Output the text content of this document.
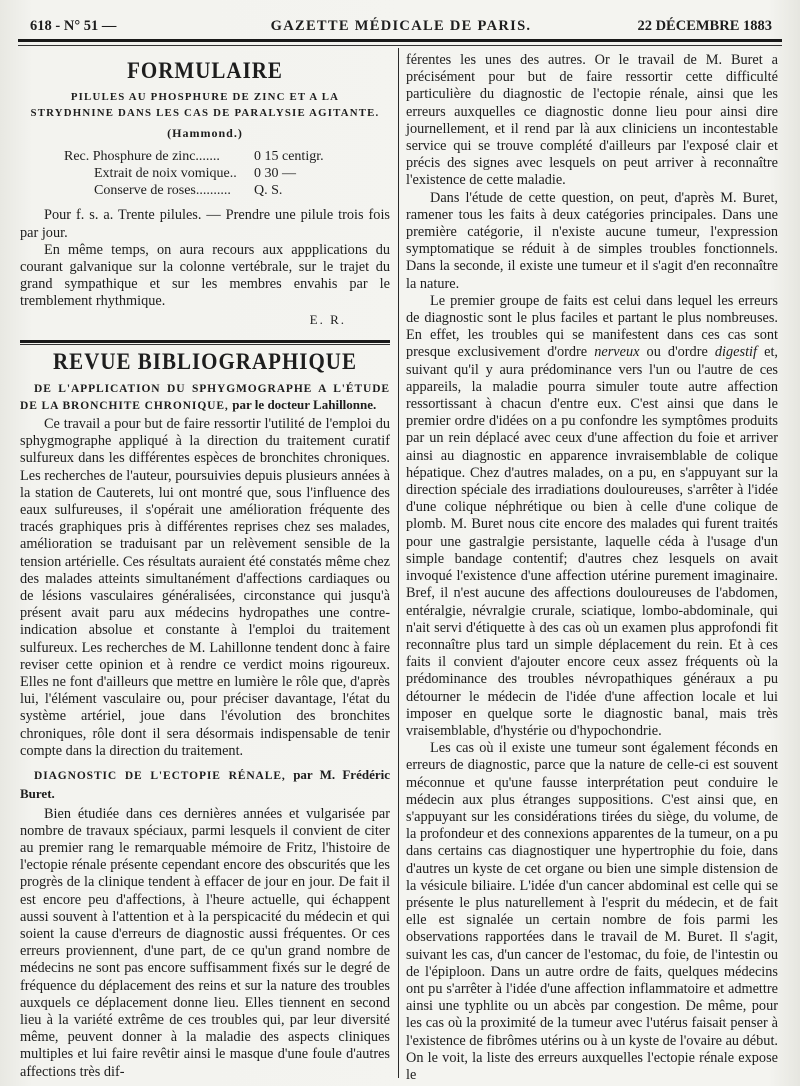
618 - N° 51 —	GAZETTE MÉDICALE DE PARIS.	22 DÉCEMBRE 1883
FORMULAIRE
PILULES AU PHOSPHURE DE ZINC ET A LA STRYDHNINE DANS LES CAS DE PARALYSIE AGITANTE.
(Hammond.)
Rec. Phosphure de zinc.......	0 15 centigr.
Extrait de noix vomique..	0 30 —
Conserve de roses..........	Q. S.

Pour f. s. a. Trente pilules. — Prendre une pilule trois fois par jour.

En même temps, on aura recours aux appplications du courant galvanique sur la colonne vertébrale, sur le trajet du grand sympathique et sur les membres envahis par le tremblement rhythmique.

E. R.
REVUE BIBLIOGRAPHIQUE

DE L'APPLICATION DU SPHYGMOGRAPHE A L'ÉTUDE DE LA BRONCHITE CHRONIQUE, par le docteur Lahillonne.

Ce travail a pour but de faire ressortir l'utilité de l'emploi du sphygmographe appliqué à la direction du traitement curatif sulfureux dans les différentes espèces de bronchites chroniques. Les recherches de l'auteur, poursuivies depuis plusieurs années à la station de Cauterets, lui ont montré que, sous l'influence des eaux sulfureuses, il s'opérait une amélioration fréquente des tracés graphiques pris à différentes reprises chez ses malades, amélioration se traduisant par un relèvement sensible de la tension artérielle. Ces résultats auraient été constatés même chez des malades atteints simultanément d'affections cardiaques ou de lésions vasculaires généralisées, circonstance qui jusqu'à présent avait paru aux médecins hydropathes une contre-indication absolue et constante à l'emploi du traitement sulfureux. Les recherches de M. Lahillonne tendent donc à faire reviser cette opinion et à rendre ce verdict moins rigoureux. Elles ne font d'ailleurs que mettre en lumière le rôle que, d'après lui, l'élément vasculaire ou, pour préciser davantage, l'état du système artériel, joue dans l'évolution des bronchites chroniques, rôle dont il sera désormais indispensable de tenir compte dans la direction du traitement.

DIAGNOSTIC DE L'ECTOPIE RÉNALE, par M. Frédéric Buret.

Bien étudiée dans ces dernières années et vulgarisée par nombre de travaux spéciaux, parmi lesquels il convient de citer au premier rang le remarquable mémoire de Fritz, l'histoire de l'ectopie rénale présente cependant encore des obscurités que les progrès de la clinique tendent à effacer de jour en jour. De fait il est encore peu d'affections, à l'heure actuelle, qui échappent aussi souvent à l'attention et à la perspicacité du médecin et qui soient la cause d'erreurs de diagnostic aussi fréquentes. Or ces erreurs proviennent, d'une part, de ce qu'un grand nombre de médecins ne sont pas encore suffisamment fixés sur le degré de fréquence du déplacement des reins et sur la nature des troubles auxquels ce déplacement donne lieu. Elles tiennent en second lieu à la variété extrême de ces troubles qui, par leur diversité même, peuvent donner à la maladie des aspects cliniques multiples et lui faire revêtir ainsi le masque d'une foule d'autres affections très dif-

férentes les unes des autres. Or le travail de M. Buret a précisément pour but de faire ressortir cette difficulté particulière du diagnostic de l'ectopie rénale, ainsi que les erreurs auxquelles ce diagnostic donne lieu pour ainsi dire journellement, et il rend par là aux cliniciens un incontestable service qui se trouve complété d'ailleurs par l'exposé clair et précis des signes avec lesquels on peut arriver à reconnaître l'existence de cette maladie.

Dans l'étude de cette question, on peut, d'après M. Buret, ramener tous les faits à deux catégories principales. Dans une première catégorie, il n'existe aucune tumeur, l'expression symptomatique se réduit à de simples troubles fonctionnels. Dans la seconde, il existe une tumeur et il s'agit d'en reconnaître la nature.

Le premier groupe de faits est celui dans lequel les erreurs de diagnostic sont le plus faciles et partant le plus nombreuses. En effet, les troubles qui se manifestent dans ces cas sont presque exclusivement d'ordre nerveux ou d'ordre digestif et, suivant qu'il y aura prédominance vers l'un ou l'autre de ces appareils, la maladie pourra simuler toute autre affection ressortissant à chacun d'entre eux. C'est ainsi que dans le premier ordre d'idées on a pu confondre les symptômes produits par un rein déplacé avec ceux d'une affection du foie et arriver ainsi au diagnostic en apparence invraisemblable de colique hépatique. Chez d'autres malades, on a pu, en s'appuyant sur la direction spéciale des irradiations douloureuses, s'arrêter à l'idée d'une colique néphrétique ou bien à celle d'une colique de plomb. M. Buret nous cite encore des malades qui furent traités pour une gastralgie persistante, laquelle céda à l'usage d'un simple bandage contentif; d'autres chez lesquels on avait invoqué l'existence d'une affection utérine purement imaginaire. Bref, il n'est aucune des affections douloureuses de l'abdomen, entéralgie, névralgie crurale, sciatique, lombo-abdominale, qui n'ait servi d'étiquette à des cas où un examen plus approfondi fit reconnaître plus tard un simple déplacement du rein. Et à ces faits il convient d'ajouter encore ceux assez fréquents où la prédominance des troubles névropathiques généraux a pu détourner le médecin de l'idée d'une affection locale et lui imposer en quelque sorte le diagnostic banal, mais très vraisemblable, d'hystérie ou d'hypochondrie.

Les cas où il existe une tumeur sont également féconds en erreurs de diagnostic, parce que la nature de celle-ci est souvent méconnue et qu'une fausse interprétation peut conduire le médecin aux plus étranges suppositions. C'est ainsi que, en s'appuyant sur les considérations tirées du siège, du volume, de la profondeur et des connexions apparentes de la tumeur, on a pu dans certains cas diagnostiquer une hypertrophie du foie, dans d'autres un kyste de cet organe ou bien une simple distension de la vésicule biliaire. L'idée d'un cancer abdominal est celle qui se présente le plus naturellement à l'esprit du médecin, et de fait elle est signalée un certain nombre de fois parmi les observations rapportées dans le travail de M. Buret. Il s'agit, suivant les cas, d'un cancer de l'estomac, du foie, de l'intestin ou de l'épiploon. Dans un autre ordre de faits, quelques médecins ont pu s'arrêter à l'idée d'une affection inflammatoire et admettre ainsi une typhlite ou un abcès par congestion. De même, pour les cas où la proximité de la tumeur avec l'utérus faisait penser à l'existence de fibrômes utérins ou à un kyste de l'ovaire au début. On le voit, la liste des erreurs auxquelles l'ectopie rénale expose le
